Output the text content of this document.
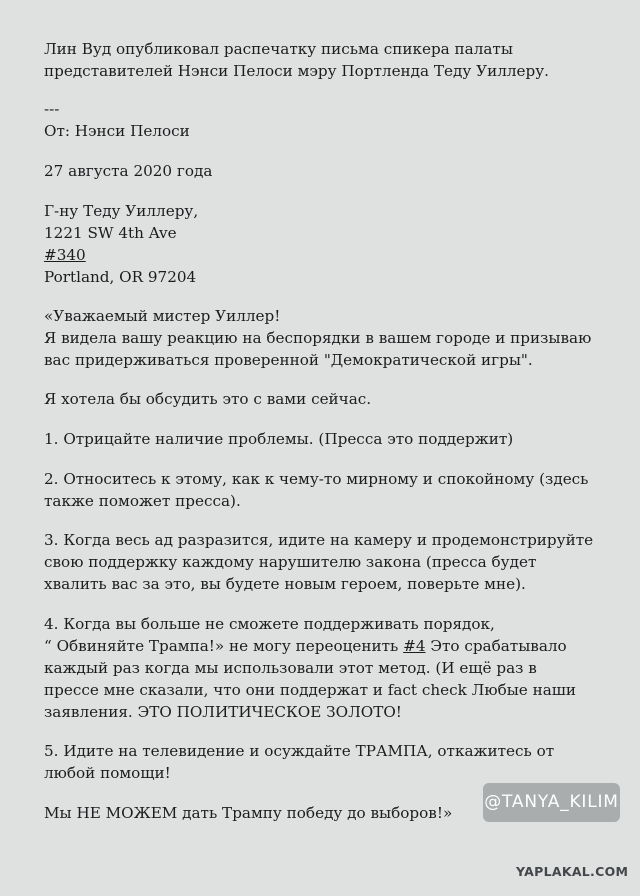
Лин Вуд опубликовал распечатку письма спикера палаты
представителей Нэнси Пелоси мэру Портленда Теду Уиллеру.
---
От: Нэнси Пелоси
27 августа 2020 года
Г-ну Теду Уиллеру,
1221 SW 4th Ave
#340
Portland, OR 97204
«Уважаемый мистер Уиллер!
Я видела вашу реакцию на беспорядки в вашем городе и призываю
вас придерживаться проверенной "Демократической игры".
Я хотела бы обсудить это с вами сейчас.
1. Отрицайте наличие проблемы. (Пресса это поддержит)
2. Относитесь к этому, как к чему-то мирному и спокойному (здесь
также поможет пресса).
3. Когда весь ад разразится, идите на камеру и продемонстрируйте
свою поддержку каждому нарушителю закона (пресса будет
хвалить вас за это, вы будете новым героем, поверьте мне).
4. Когда вы больше не сможете поддерживать порядок,
“ Обвиняйте Трампа!» не могу переоценить #4 Это срабатывало
каждый раз когда мы использовали этот метод. (И ещё раз в
прессе мне сказали, что они поддержат и fact check Любые наши
заявления. ЭТО ПОЛИТИЧЕСКОЕ ЗОЛОТО!
5. Идите на телевидение и осуждайте ТРАМПА, откажитесь от
любой помощи!
Мы НЕ МОЖЕМ дать Трампу победу до выборов!»
@TANYA_KILIM
YAPLAKAL.COM
